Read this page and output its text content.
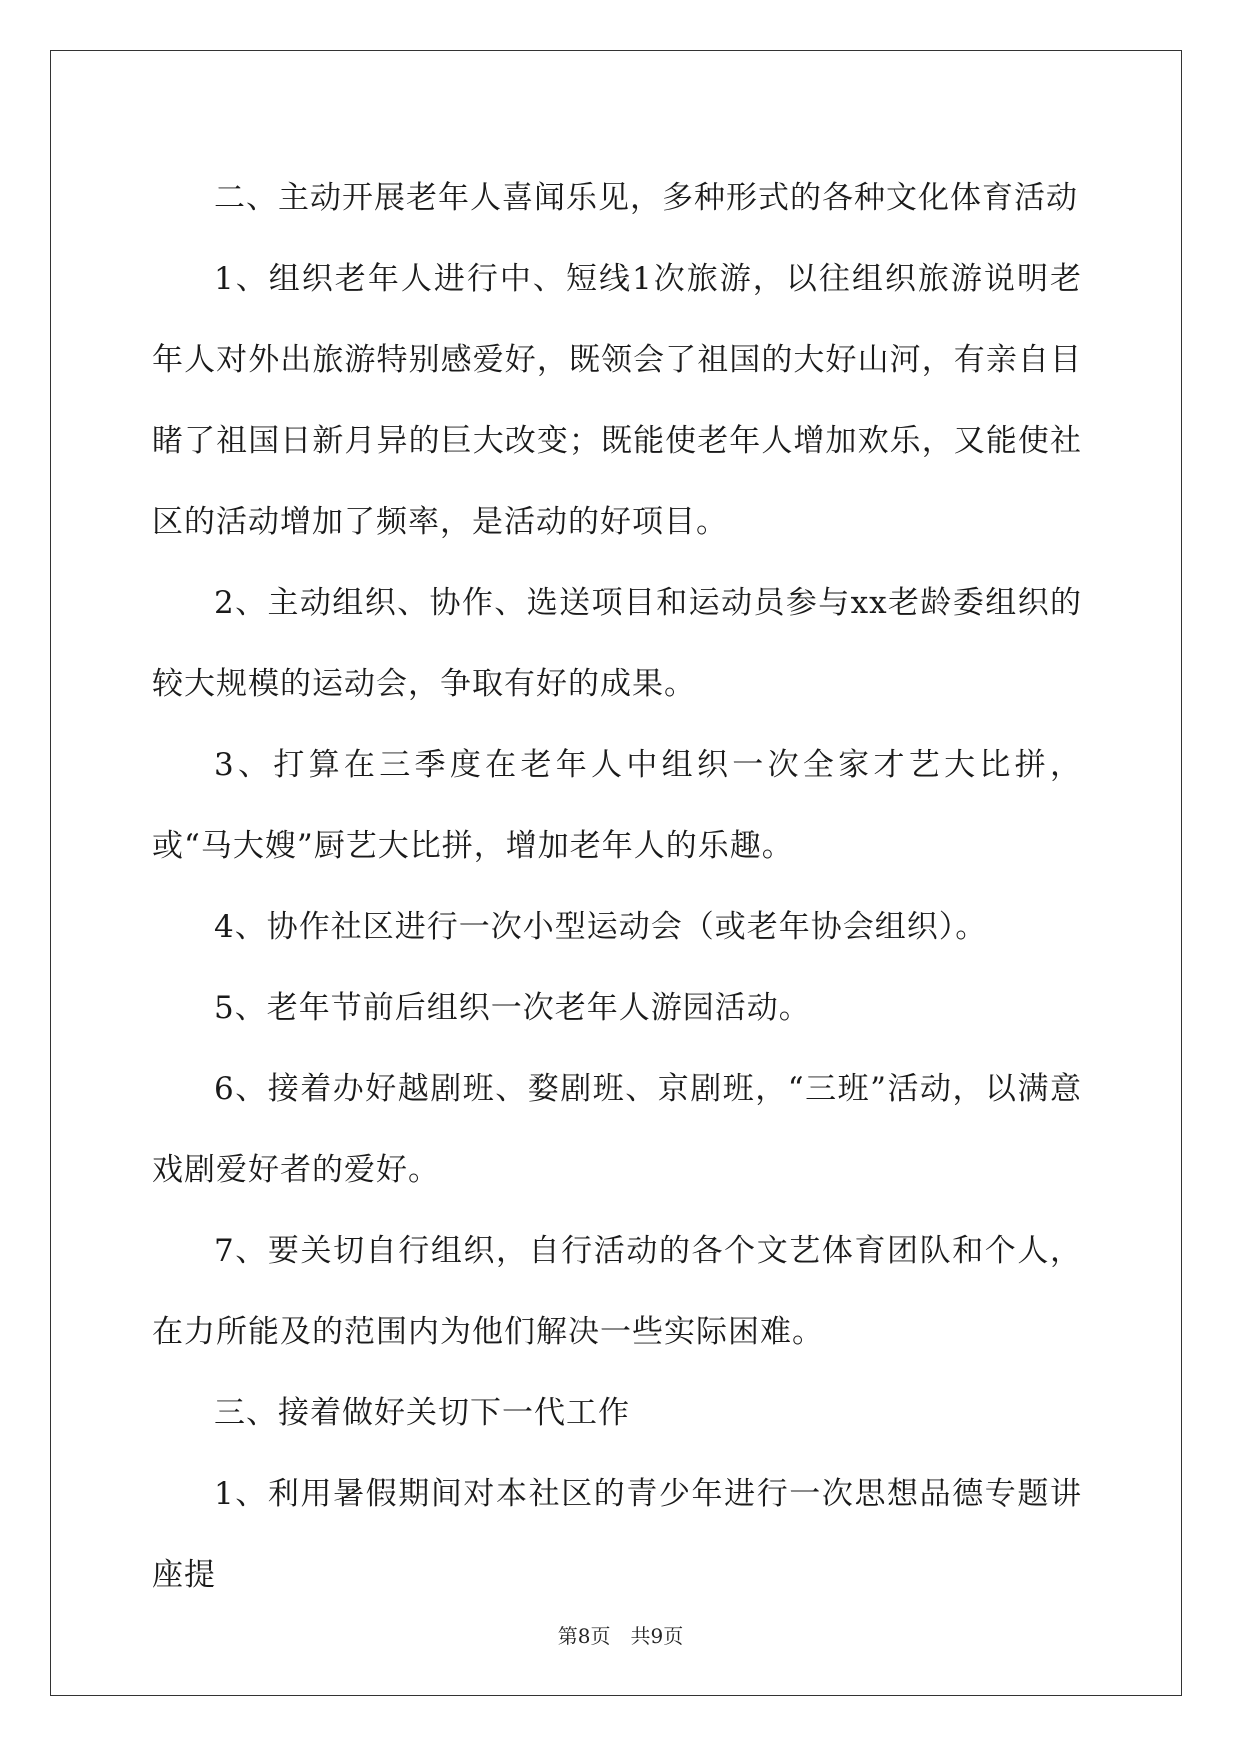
二、主动开展老年人喜闻乐见，多种形式的各种文化体育活动

1、组织老年人进行中、短线1次旅游，以往组织旅游说明老年人对外出旅游特别感爱好，既领会了祖国的大好山河，有亲自目睹了祖国日新月异的巨大改变；既能使老年人增加欢乐，又能使社区的活动增加了频率，是活动的好项目。

2、主动组织、协作、选送项目和运动员参与xx老龄委组织的较大规模的运动会，争取有好的成果。

3、打算在三季度在老年人中组织一次全家才艺大比拼，或“马大嫂”厨艺大比拼，增加老年人的乐趣。

4、协作社区进行一次小型运动会（或老年协会组织）。

5、老年节前后组织一次老年人游园活动。

6、接着办好越剧班、婺剧班、京剧班，“三班”活动，以满意戏剧爱好者的爱好。

7、要关切自行组织，自行活动的各个文艺体育团队和个人，在力所能及的范围内为他们解决一些实际困难。

三、接着做好关切下一代工作

1、利用暑假期间对本社区的青少年进行一次思想品德专题讲座提

第8页　共9页
